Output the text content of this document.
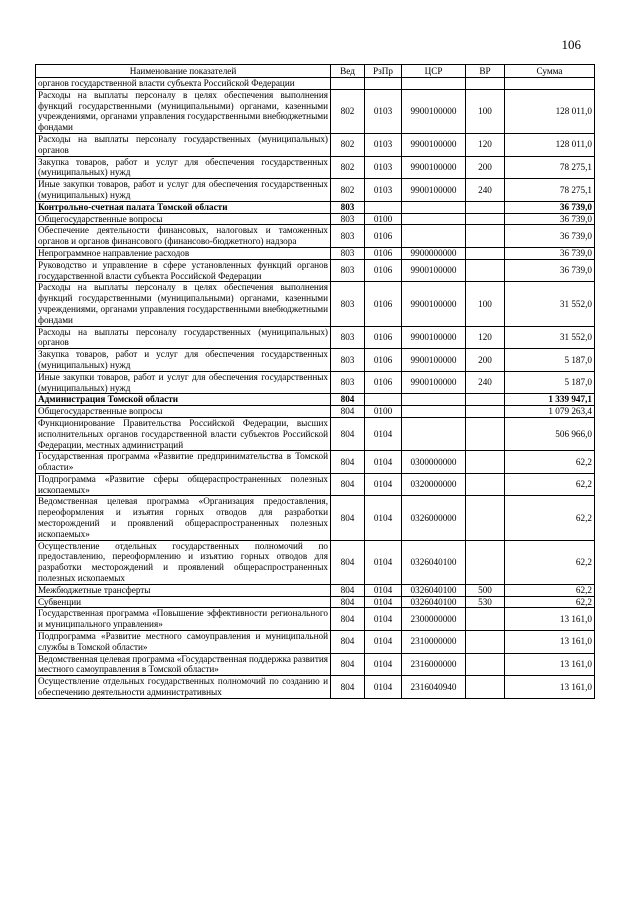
106
Наименование показателей	Вед	РзПр	ЦСР	ВР	Сумма
органов государственной власти субъекта Российской Федерации					
Расходы на выплаты персоналу в целях обеспечения выполнения функций государственными (муниципальными) органами, казенными учреждениями, органами управления государственными внебюджетными фондами	802	0103	9900100000	100	128 011,0
Расходы на выплаты персоналу государственных (муниципальных) органов	802	0103	9900100000	120	128 011,0
Закупка товаров, работ и услуг для обеспечения государственных (муниципальных) нужд	802	0103	9900100000	200	78 275,1
Иные закупки товаров, работ и услуг для обеспечения государственных (муниципальных) нужд	802	0103	9900100000	240	78 275,1
Контрольно-счетная палата Томской области	803				36 739,0
Общегосударственные вопросы	803	0100			36 739,0
Обеспечение деятельности финансовых, налоговых и таможенных органов и органов финансового (финансово-бюджетного) надзора	803	0106			36 739,0
Непрограммное направление расходов	803	0106	9900000000		36 739,0
Руководство и управление в сфере установленных функций органов государственной власти субъекта Российской Федерации	803	0106	9900100000		36 739,0
Расходы на выплаты персоналу в целях обеспечения выполнения функций государственными (муниципальными) органами, казенными учреждениями, органами управления государственными внебюджетными фондами	803	0106	9900100000	100	31 552,0
Расходы на выплаты персоналу государственных (муниципальных) органов	803	0106	9900100000	120	31 552,0
Закупка товаров, работ и услуг для обеспечения государственных (муниципальных) нужд	803	0106	9900100000	200	5 187,0
Иные закупки товаров, работ и услуг для обеспечения государственных (муниципальных) нужд	803	0106	9900100000	240	5 187,0
Администрация Томской области	804				1 339 947,1
Общегосударственные вопросы	804	0100			1 079 263,4
Функционирование Правительства Российской Федерации, высших исполнительных органов государственной власти субъектов Российской Федерации, местных администраций	804	0104			506 966,0
Государственная программа «Развитие предпринимательства в Томской области»	804	0104	0300000000		62,2
Подпрограмма «Развитие сферы общераспространенных полезных ископаемых»	804	0104	0320000000		62,2
Ведомственная целевая программа «Организация предоставления, переоформления и изъятия горных отводов для разработки месторождений и проявлений общераспространенных полезных ископаемых»	804	0104	0326000000		62,2
Осуществление отдельных государственных полномочий по предоставлению, переоформлению и изъятию горных отводов для разработки месторождений и проявлений общераспространенных полезных ископаемых	804	0104	0326040100		62,2
Межбюджетные трансферты	804	0104	0326040100	500	62,2
Субвенции	804	0104	0326040100	530	62,2
Государственная программа «Повышение эффективности регионального и муниципального управления»	804	0104	2300000000		13 161,0
Подпрограмма «Развитие местного самоуправления и муниципальной службы в Томской области»	804	0104	2310000000		13 161,0
Ведомственная целевая программа «Государственная поддержка развития местного самоуправления в Томской области»	804	0104	2316000000		13 161,0
Осуществление отдельных государственных полномочий по созданию и обеспечению деятельности административных	804	0104	2316040940		13 161,0
